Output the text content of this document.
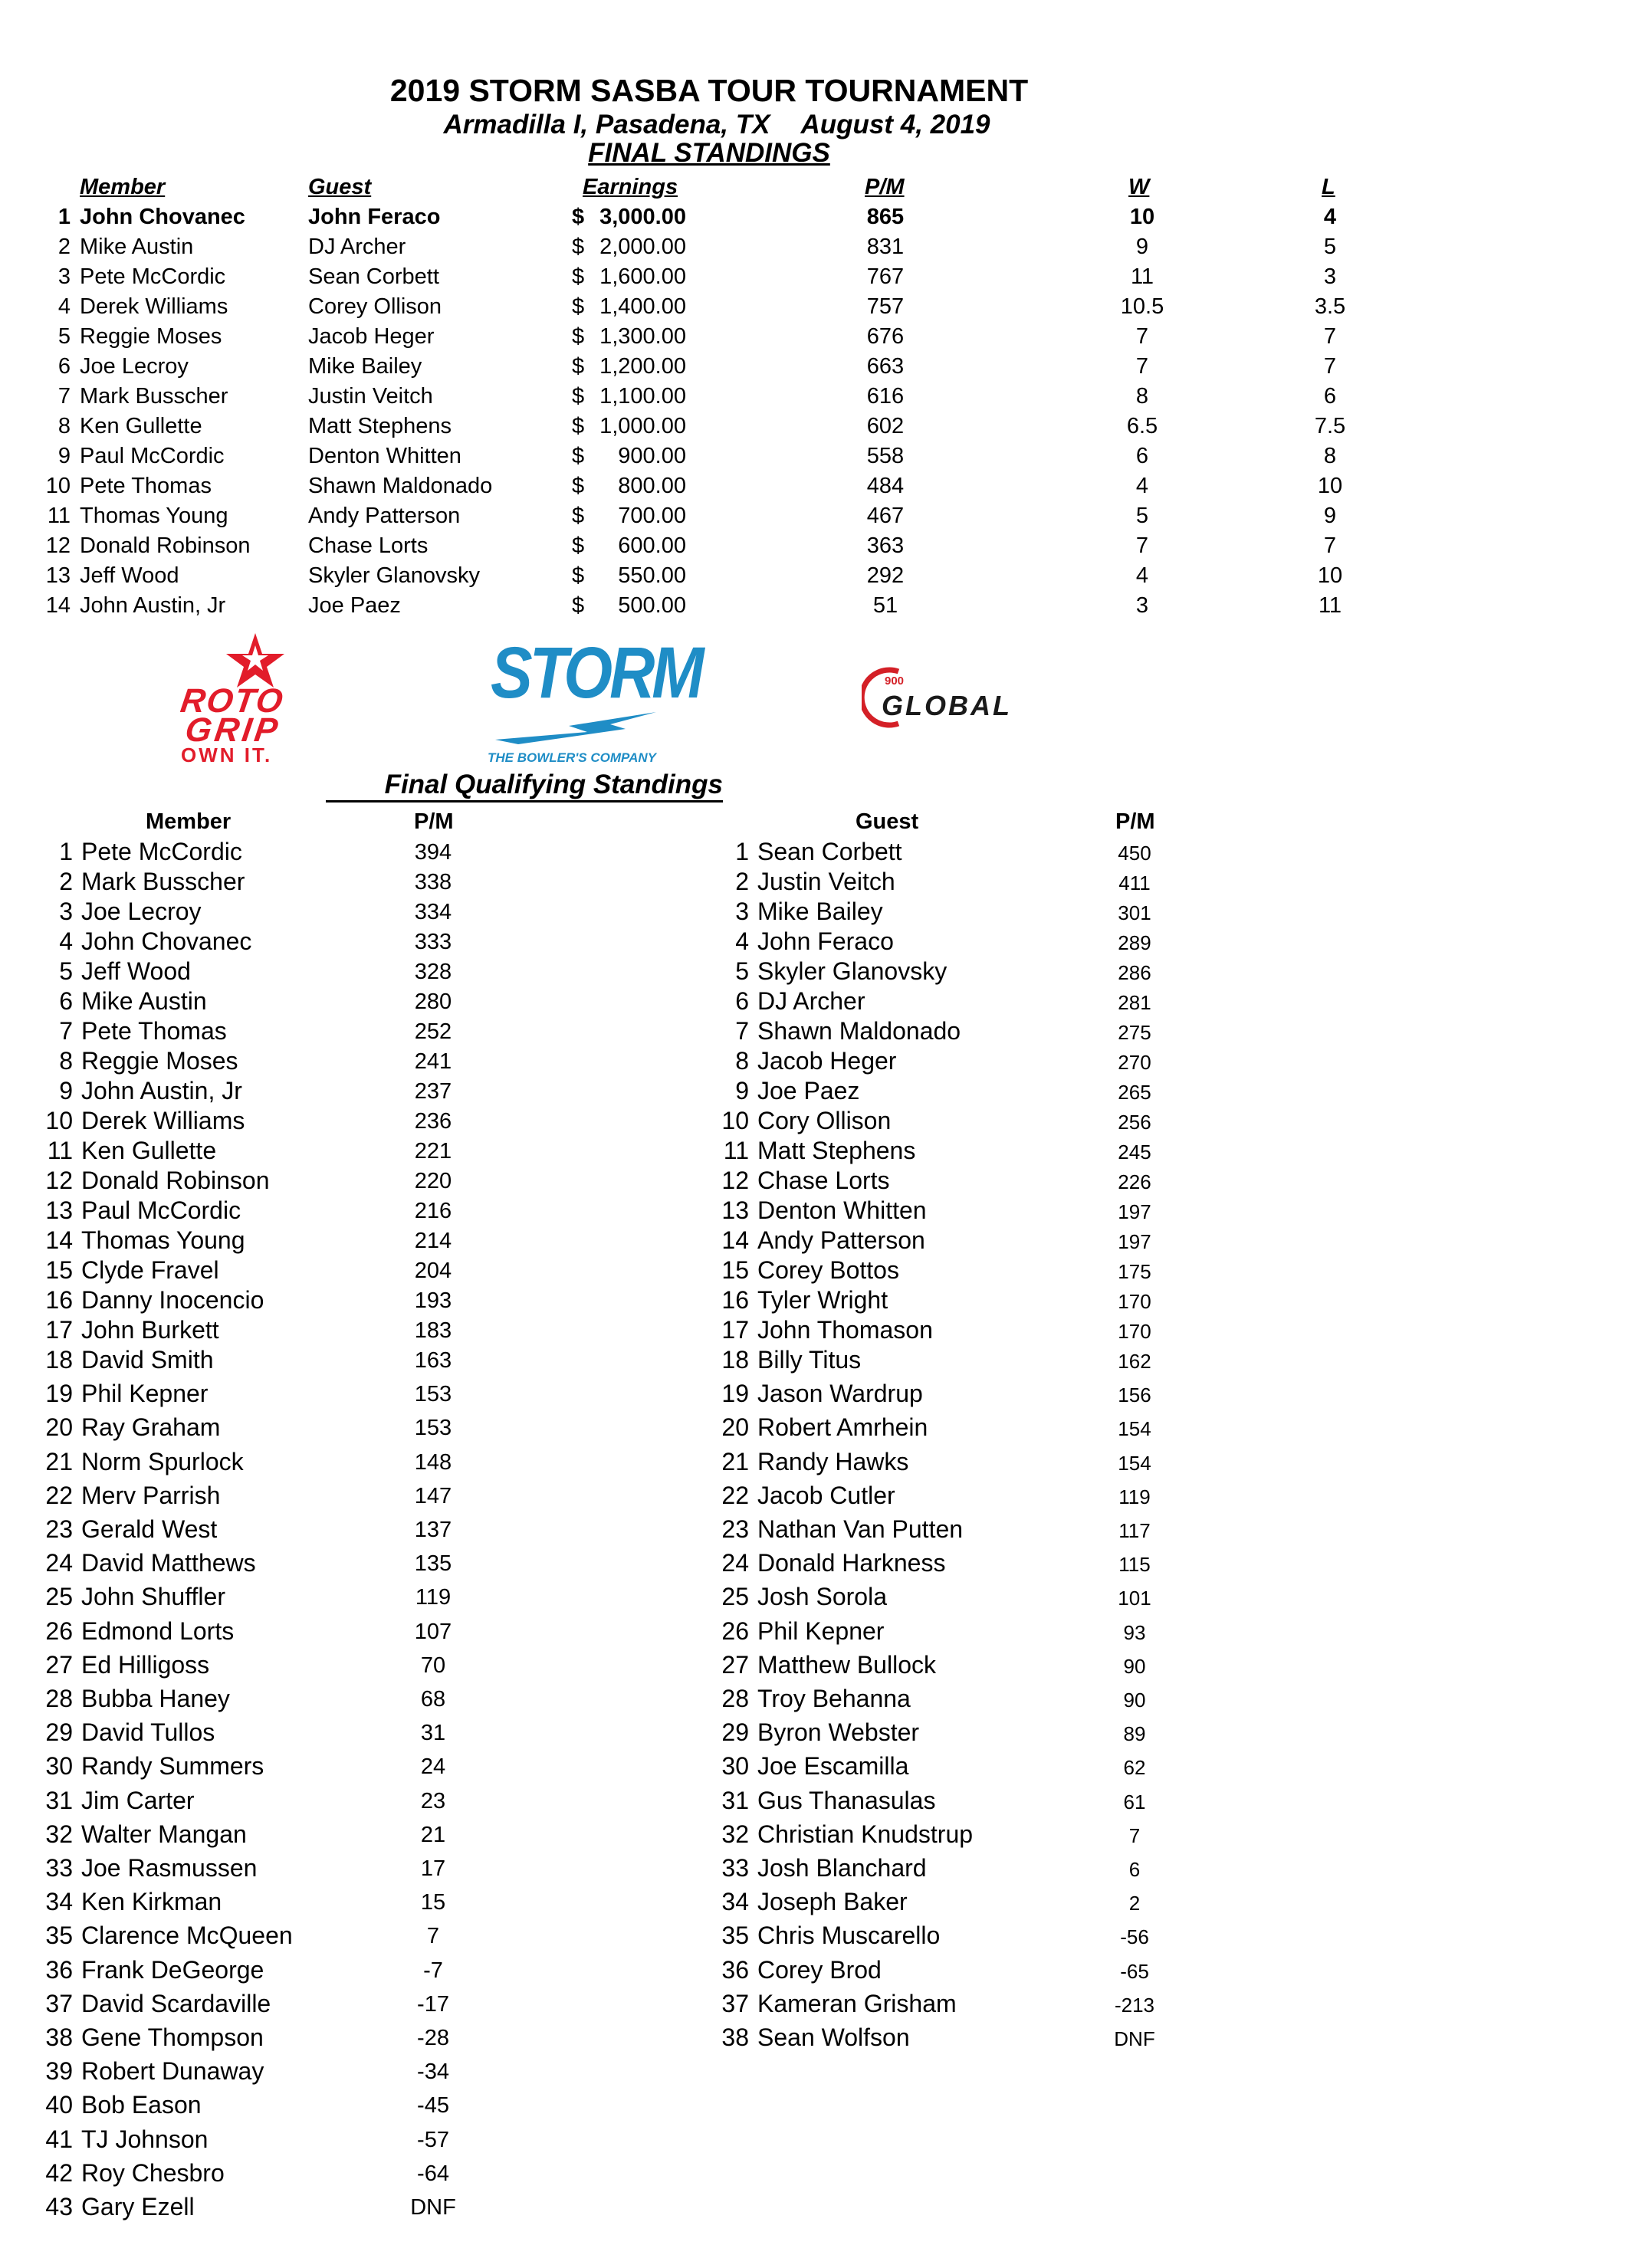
2019 STORM SASBA TOUR TOURNAMENT
Armadilla I, Pasadena, TX August 4, 2019
FINAL STANDINGS
Member	Guest	Earnings	P/M	W	L
1 John Chovanec	John Feraco	$ 3,000.00	865	10	4
2 Mike Austin	DJ Archer	$ 2,000.00	831	9	5
3 Pete McCordic	Sean Corbett	$ 1,600.00	767	11	3
4 Derek Williams	Corey Ollison	$ 1,400.00	757	10.5	3.5
5 Reggie Moses	Jacob Heger	$ 1,300.00	676	7	7
6 Joe Lecroy	Mike Bailey	$ 1,200.00	663	7	7
7 Mark Busscher	Justin Veitch	$ 1,100.00	616	8	6
8 Ken Gullette	Matt Stephens	$ 1,000.00	602	6.5	7.5
9 Paul McCordic	Denton Whitten	$	900.00	558	6	8
10 Pete Thomas	Shawn Maldonado	$	800.00	484	4	10
11 Thomas Young	Andy Patterson	$	700.00	467	5	9
12 Donald Robinson	Chase Lorts	$	600.00	363	7	7
13 Jeff Wood	Skyler Glanovsky	$	550.00	292	4	10
14 John Austin, Jr	Joe Paez	$	500.00	51	3	11
ROTO
GRIP
OWN IT.
STORM
THE BOWLER'S COMPANY
900
GLOBAL
Final Qualifying Standings
Member	P/M	Guest	P/M
1 Pete McCordic	394
2 Mark Busscher	338
3 Joe Lecroy	334
4 John Chovanec	333
5 Jeff Wood	328
6 Mike Austin	280
7 Pete Thomas	252
8 Reggie Moses	241
9 John Austin, Jr	237
10 Derek Williams	236
11 Ken Gullette	221
12 Donald Robinson	220
13 Paul McCordic	216
14 Thomas Young	214
15 Clyde Fravel	204
16 Danny Inocencio	193
17 John Burkett	183
18 David Smith	163
19 Phil Kepner	153
20 Ray Graham	153
21 Norm Spurlock	148
22 Merv Parrish	147
23 Gerald West	137
24 David Matthews	135
25 John Shuffler	119
26 Edmond Lorts	107
27 Ed Hilligoss	70
28 Bubba Haney	68
29 David Tullos	31
30 Randy Summers	24
31 Jim Carter	23
32 Walter Mangan	21
33 Joe Rasmussen	17
34 Ken Kirkman	15
35 Clarence McQueen	7
36 Frank DeGeorge	-7
37 David Scardaville	-17
38 Gene Thompson	-28
39 Robert Dunaway	-34
40 Bob Eason	-45
41 TJ Johnson	-57
42 Roy Chesbro	-64
43 Gary Ezell	DNF
1 Sean Corbett	450
2 Justin Veitch	411
3 Mike Bailey	301
4 John Feraco	289
5 Skyler Glanovsky	286
6 DJ Archer	281
7 Shawn Maldonado	275
8 Jacob Heger	270
9 Joe Paez	265
10 Cory Ollison	256
11 Matt Stephens	245
12 Chase Lorts	226
13 Denton Whitten	197
14 Andy Patterson	197
15 Corey Bottos	175
16 Tyler Wright	170
17 John Thomason	170
18 Billy Titus	162
19 Jason Wardrup	156
20 Robert Amrhein	154
21 Randy Hawks	154
22 Jacob Cutler	119
23 Nathan Van Putten	117
24 Donald Harkness	115
25 Josh Sorola	101
26 Phil Kepner	93
27 Matthew Bullock	90
28 Troy Behanna	90
29 Byron Webster	89
30 Joe Escamilla	62
31 Gus Thanasulas	61
32 Christian Knudstrup	7
33 Josh Blanchard	6
34 Joseph Baker	2
35 Chris Muscarello	-56
36 Corey Brod	-65
37 Kameran Grisham	-213
38 Sean Wolfson	DNF
